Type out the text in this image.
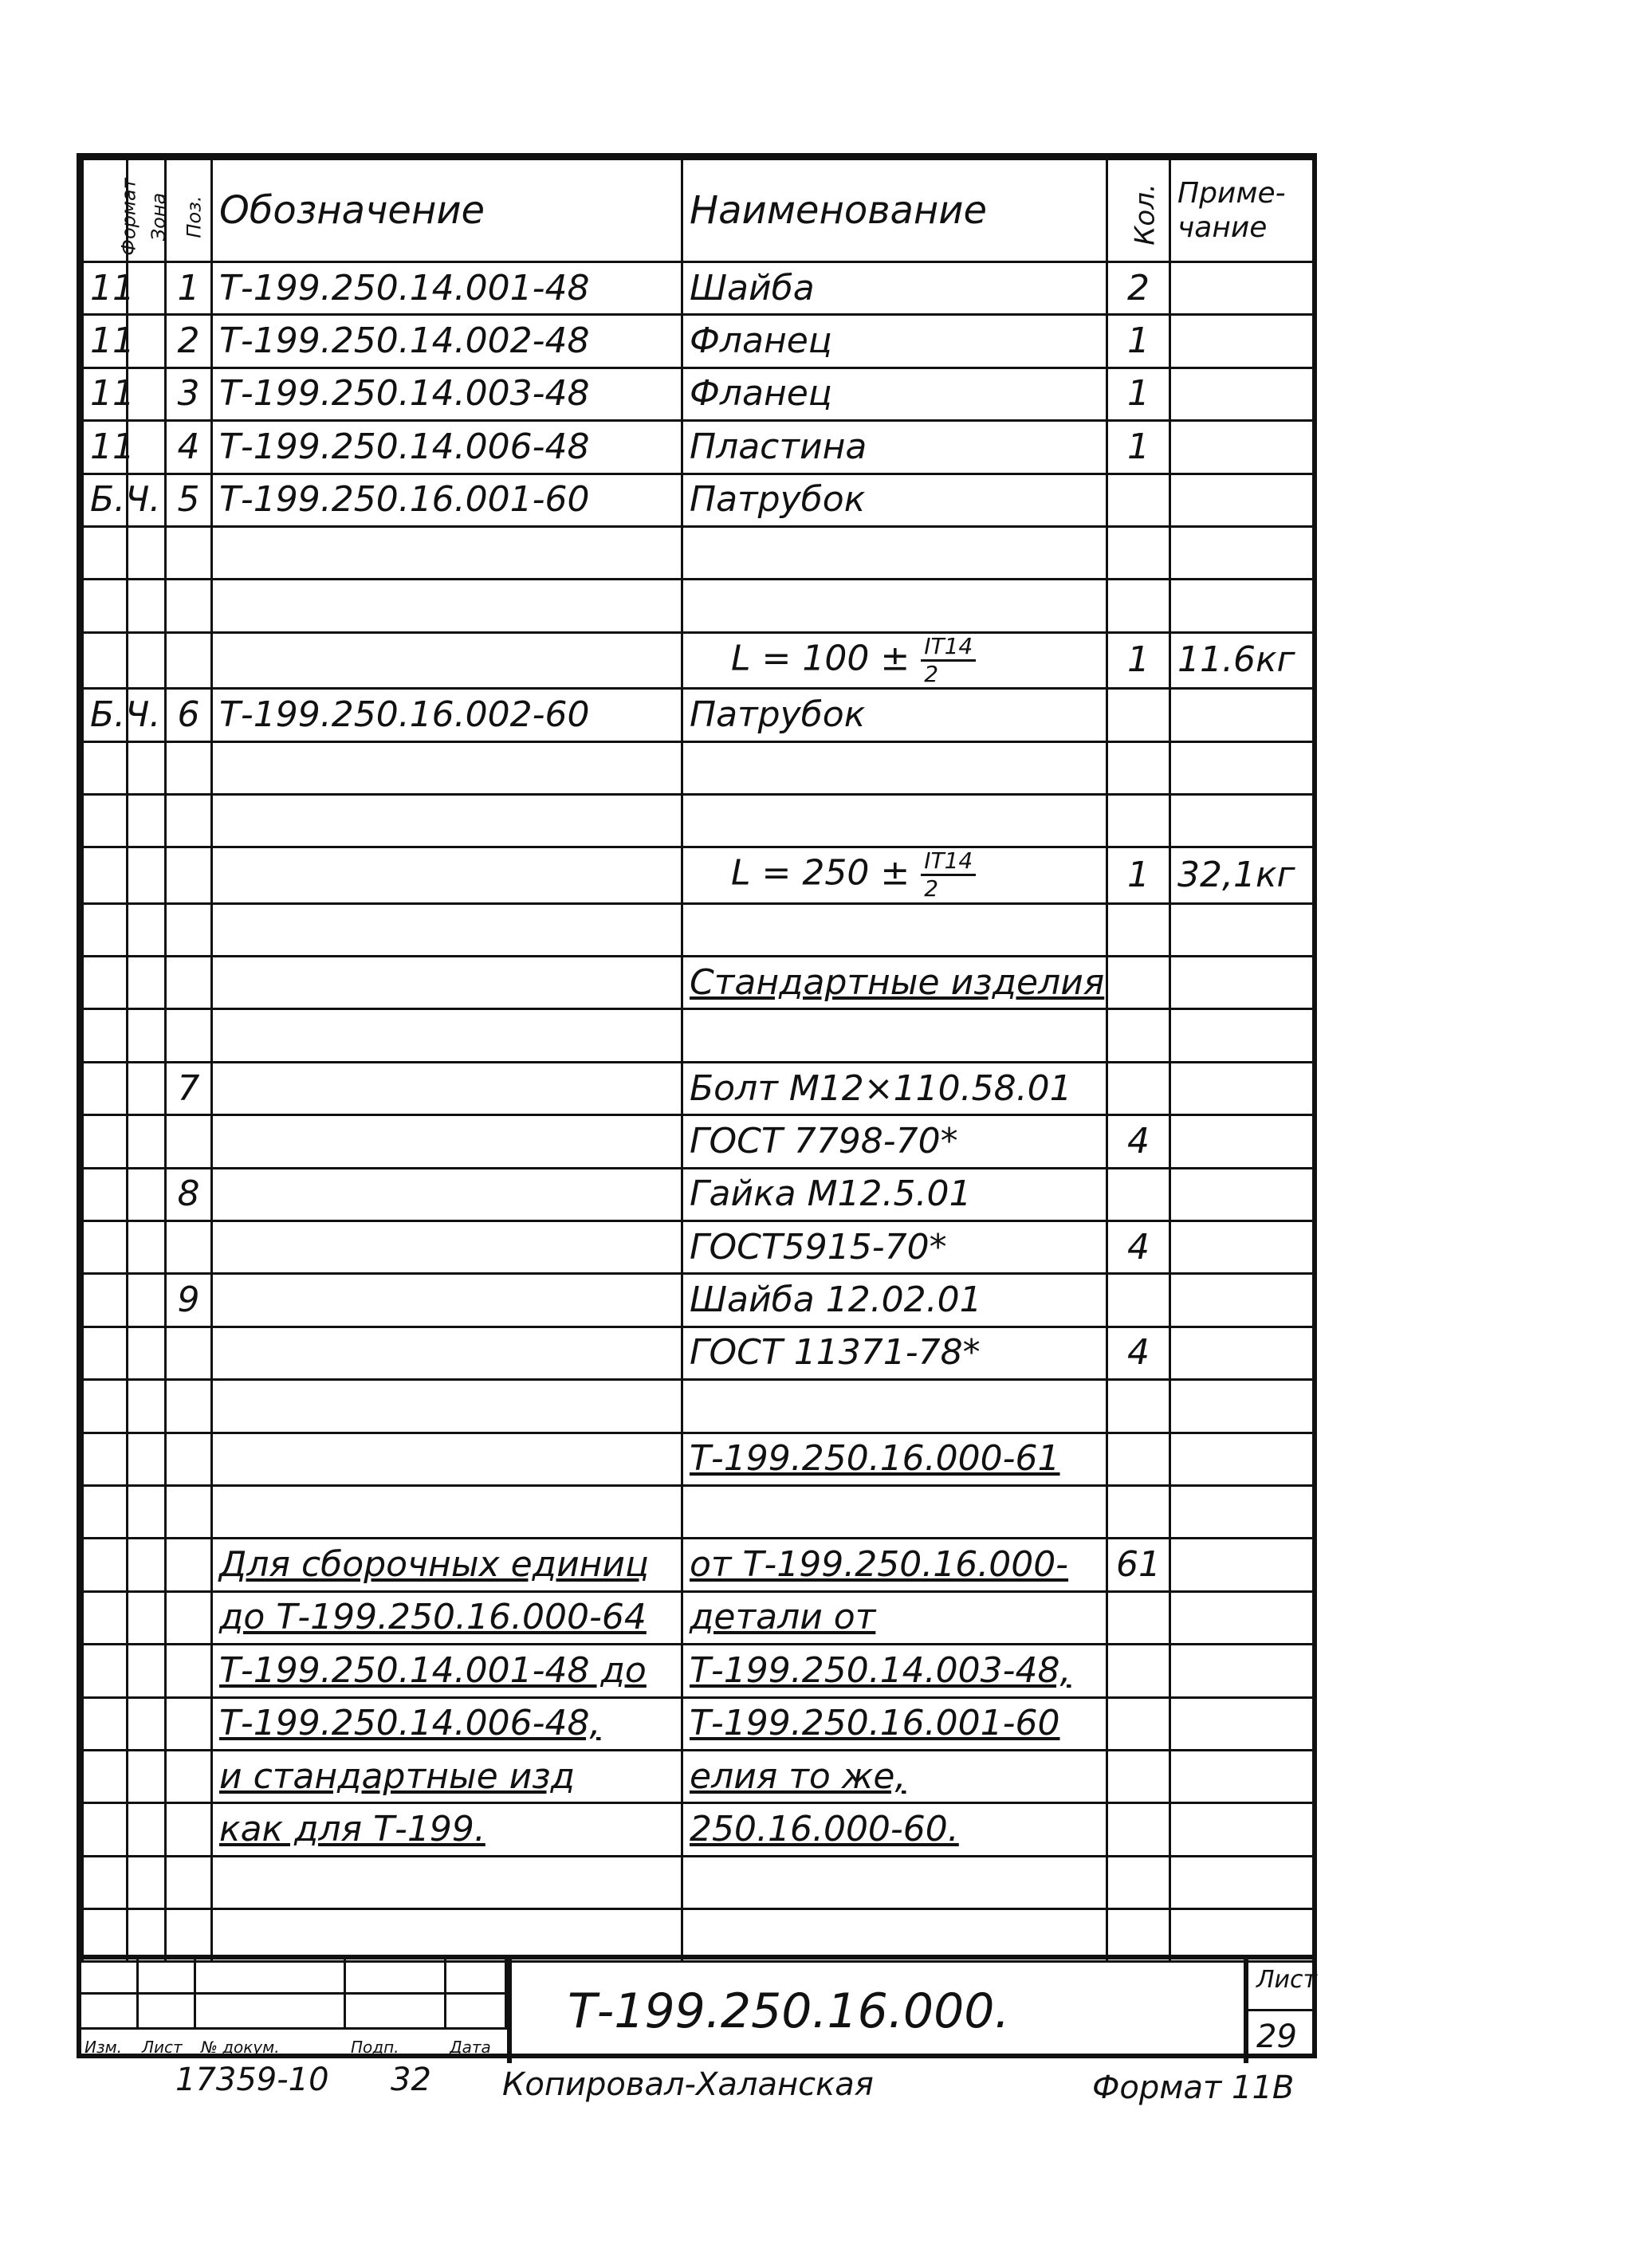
Формат	Зона	Поз.	Обозначение	Наименование	Кол.	Приме-
чание

11		1	Т-199.250.14.001-48	Шайба	2	
11		2	Т-199.250.14.002-48	Фланец	1	
11		3	Т-199.250.14.003-48	Фланец	1	
11		4	Т-199.250.14.006-48	Пластина	1	
Б.Ч.		5	Т-199.250.16.001-60	Патрубок		

				$L = 100 \pm \frac{IT14}{2}$	1	11.6кг
Б.Ч.		6	Т-199.250.16.002-60	Патрубок		

				$L = 250 \pm \frac{IT14}{2}$	1	32,1кг

				Стандартные изделия		

		7		Болт М12×110.58.01		
				ГОСТ 7798-70*	4	
		8		Гайка М12.5.01		
				ГОСТ5915-70*	4	
		9		Шайба 12.02.01		
				ГОСТ 11371-78*	4	

				Т-199.250.16.000-61		

			Для сборочных единиц	от Т-199.250.16.000-	61	
			до Т-199.250.16.000-64	детали от		
			Т-199.250.14.001-48 до	Т-199.250.14.003-48,		
			Т-199.250.14.006-48,	Т-199.250.16.001-60		
			и стандартные изд	елия то же,		
			как для Т-199.	250.16.000-60.		

Изм. Лист № докум.	Подп.	Дата
Т-199.250.16.000.
Лист
29
17359-10 32 Копировал-Халанская	Формат 11В
